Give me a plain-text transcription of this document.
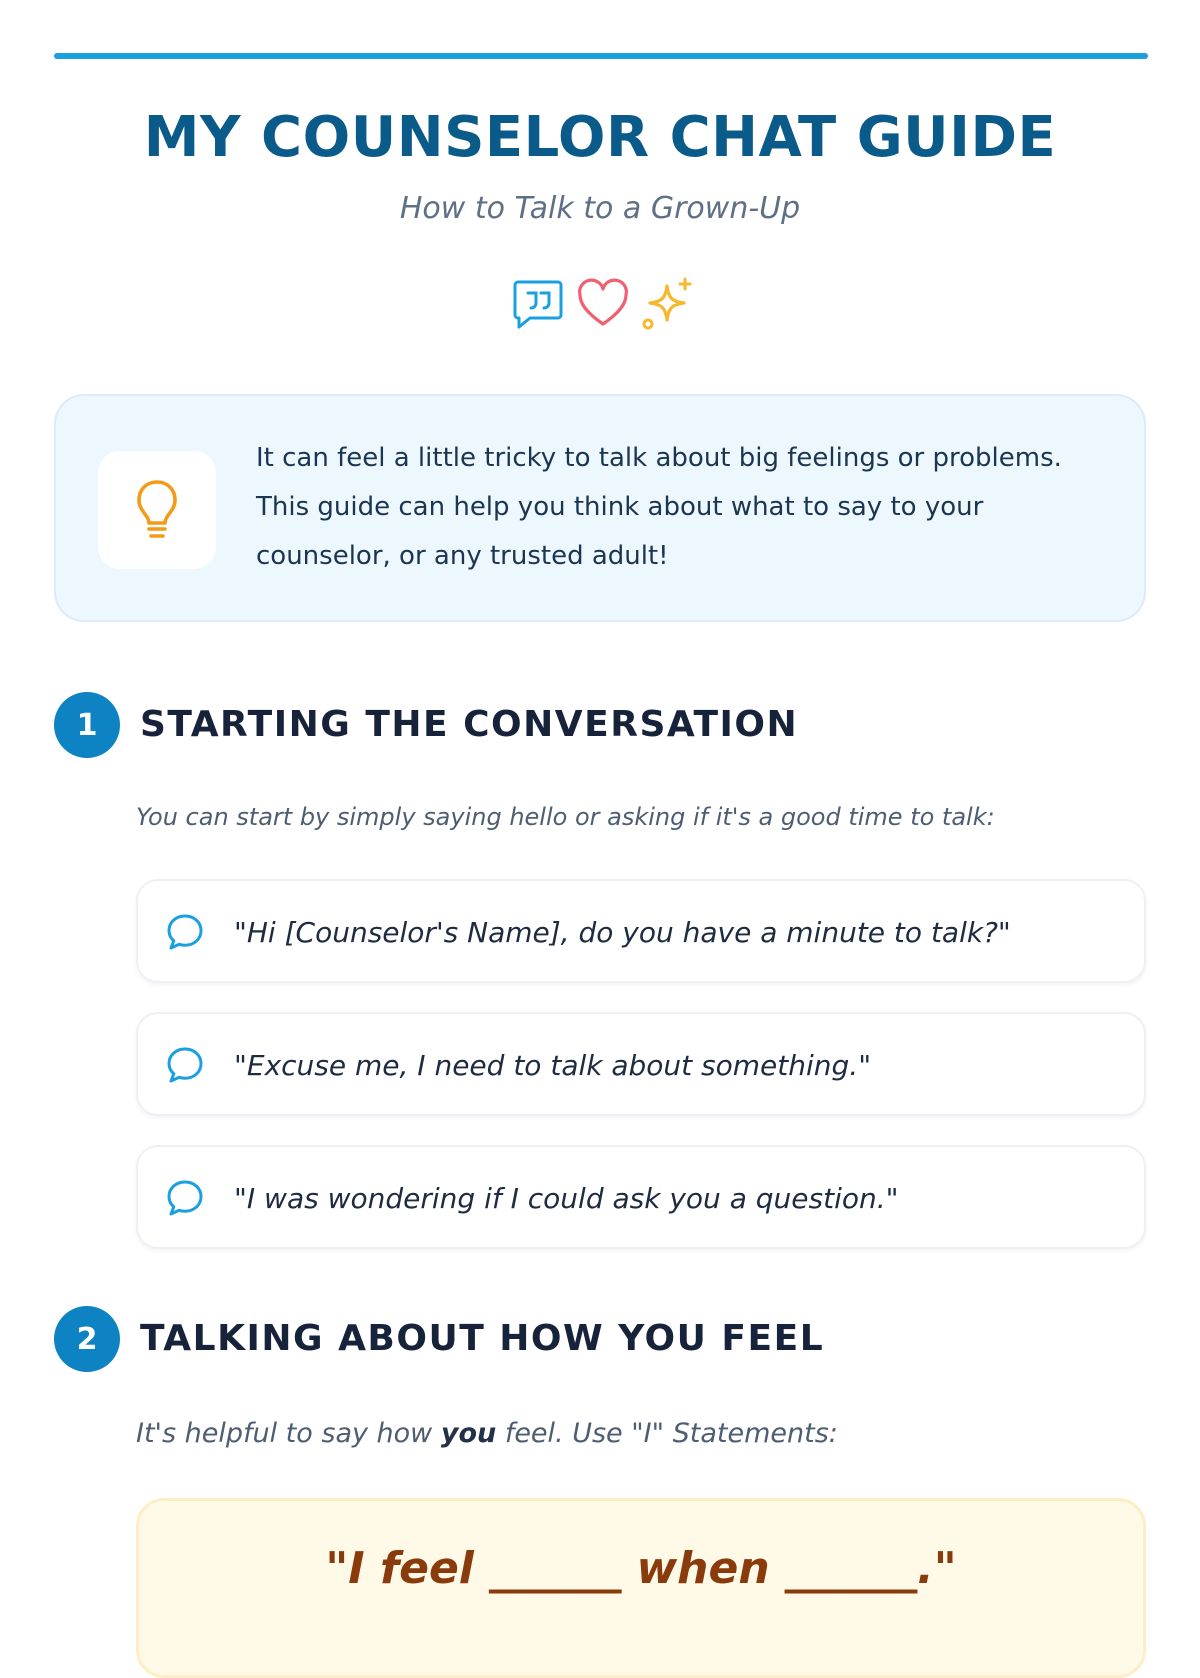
MY COUNSELOR CHAT GUIDE
How to Talk to a Grown-Up

It can feel a little tricky to talk about big feelings or problems. This guide can help you think about what to say to your counselor, or any trusted adult!

1	STARTING THE CONVERSATION

You can start by simply saying hello or asking if it's a good time to talk:

"Hi [Counselor's Name], do you have a minute to talk?"
"Excuse me, I need to talk about something."
"I was wondering if I could ask you a question."
2	TALKING ABOUT HOW YOU FEEL

It's helpful to say how you feel. Use "I" Statements:

"I feel ______ when ______."
